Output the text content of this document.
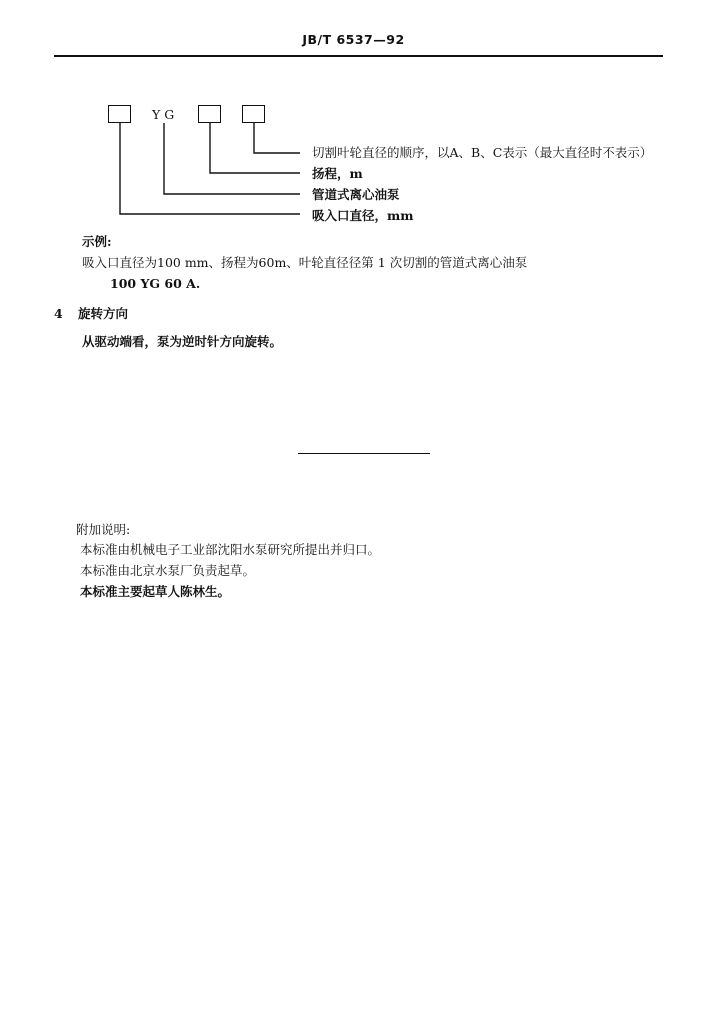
JB/T 6537—92
YG
切割叶轮直径的顺序，以A、B、C表示（最大直径时不表示）
扬程，m
管道式离心油泵
吸入口直径，mm
示例:
吸入口直径为100 mm、扬程为60m、叶轮直径径第 1 次切割的管道式离心油泵
100 YG 60 A.
4 旋转方向
从驱动端看，泵为逆时针方向旋转。
附加说明:
本标准由机械电子工业部沈阳水泵研究所提出并归口。
本标准由北京水泵厂负责起草。
本标准主要起草人陈林生。
